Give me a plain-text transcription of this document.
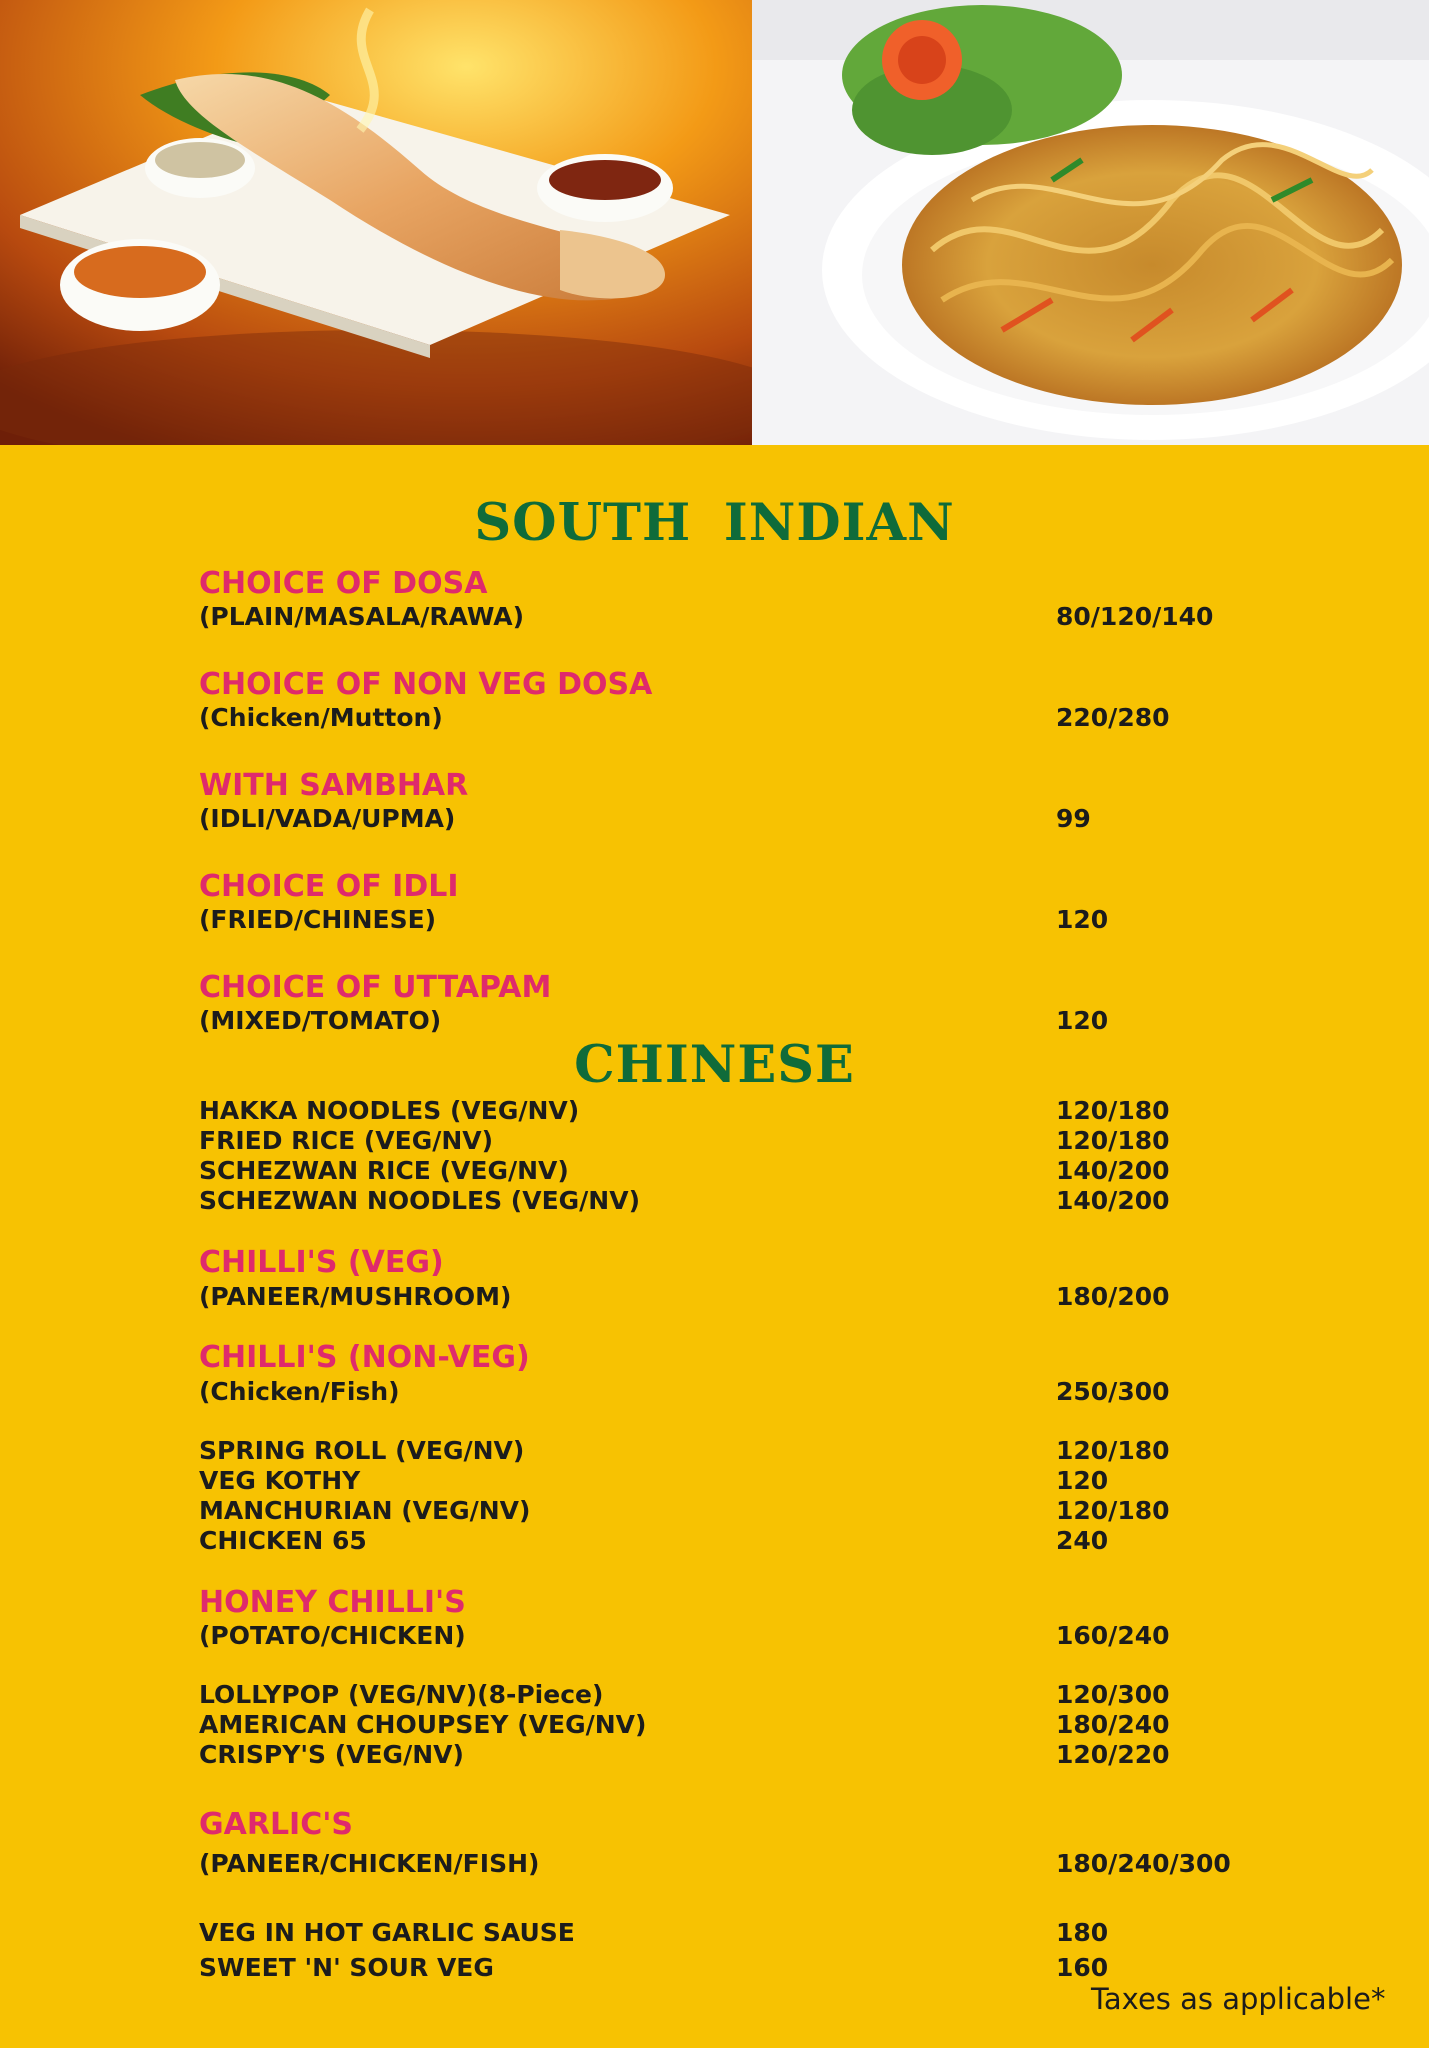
SOUTH INDIAN
CHINESE
CHOICE OF DOSA
(PLAIN/MASALA/RAWA)	80/120/140
CHOICE OF NON VEG DOSA
(Chicken/Mutton)	220/280
WITH SAMBHAR
(IDLI/VADA/UPMA)	99
CHOICE OF IDLI
(FRIED/CHINESE)	120
CHOICE OF UTTAPAM
(MIXED/TOMATO)	120
HAKKA NOODLES (VEG/NV)	120/180
FRIED RICE (VEG/NV)	120/180
SCHEZWAN RICE (VEG/NV)	140/200
SCHEZWAN NOODLES (VEG/NV)	140/200
CHILLI'S (VEG)
(PANEER/MUSHROOM)	180/200
CHILLI'S (NON-VEG)
(Chicken/Fish)	250/300
SPRING ROLL (VEG/NV)	120/180
VEG KOTHY	120
MANCHURIAN (VEG/NV)	120/180
CHICKEN 65	240
HONEY CHILLI'S
(POTATO/CHICKEN)	160/240
LOLLYPOP (VEG/NV)(8-Piece)	120/300
AMERICAN CHOUPSEY (VEG/NV)	180/240
CRISPY'S (VEG/NV)	120/220
GARLIC'S
(PANEER/CHICKEN/FISH)	180/240/300
VEG IN HOT GARLIC SAUSE	180
SWEET 'N' SOUR VEG	160
Taxes as applicable*
